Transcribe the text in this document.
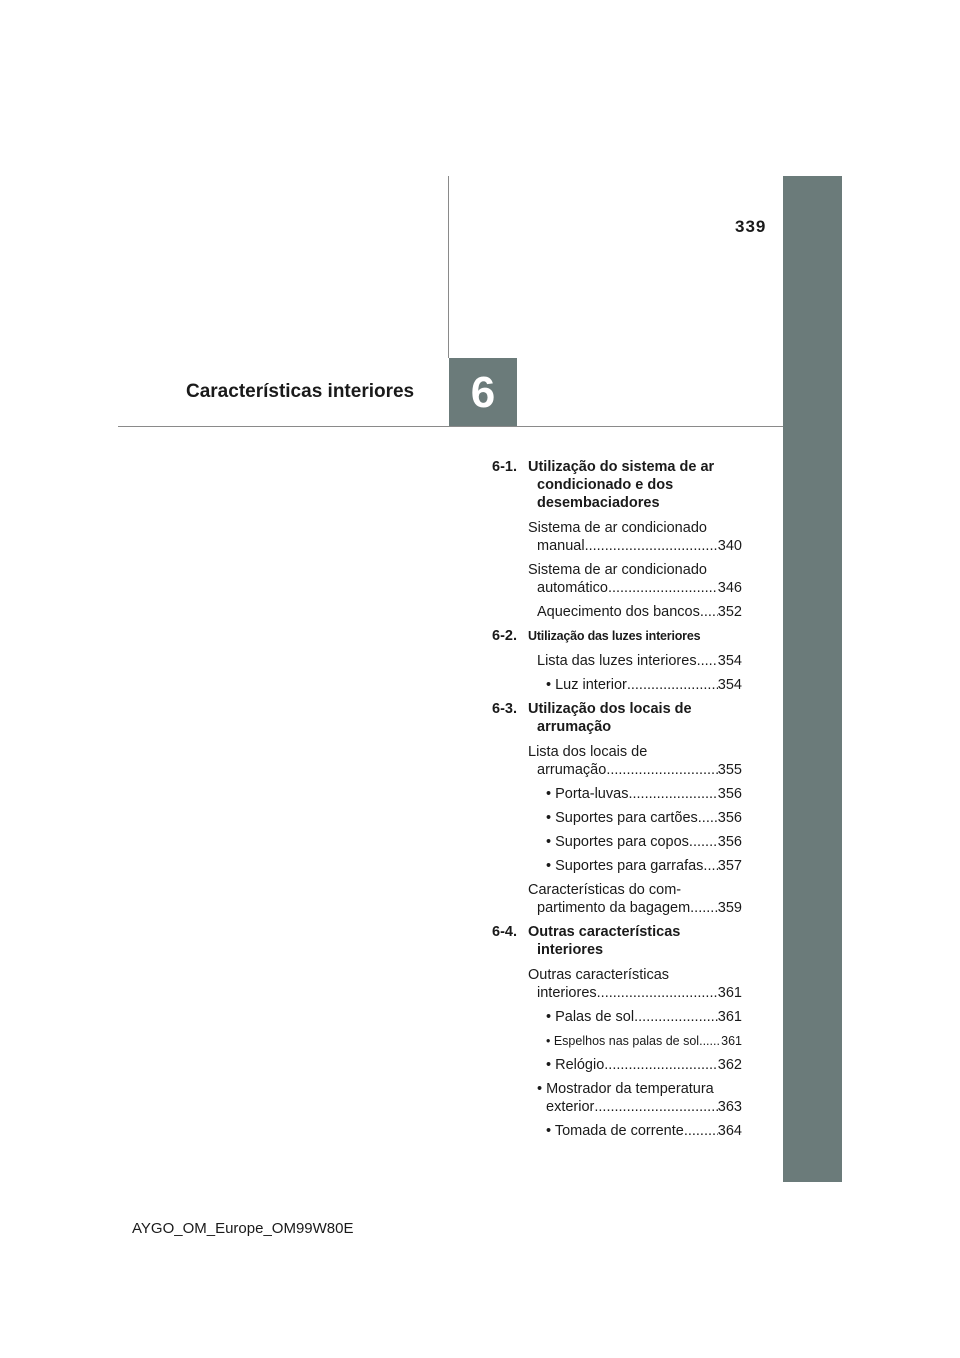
339
6
Características interiores
6-1. Utilização do sistema de ar condicionado e dos desembaciadores
Sistema de ar condicionado
manual .....	340
Sistema de ar condicionado
automático .....	346
Aquecimento dos bancos ..... 352
6-2. Utilização das luzes interiores
Lista das luzes interiores ..... 354
• Luz interior .....	354
6-3. Utilização dos locais de arrumação
Lista dos locais de
arrumação .....	355
• Porta-luvas .....	356
• Suportes para cartões ..... 356
• Suportes para copos ..... 356
• Suportes para garrafas ..... 357
Características do com-
partimento da bagagem ..... 359
6-4. Outras características interiores
Outras características
interiores .....	361
• Palas de sol .....	361
• Espelhos nas palas de sol ..... 361
• Relógio .....	362
• Mostrador da temperatura
exterior .....	363
• Tomada de corrente ..... 364
AYGO_OM_Europe_OM99W80E
